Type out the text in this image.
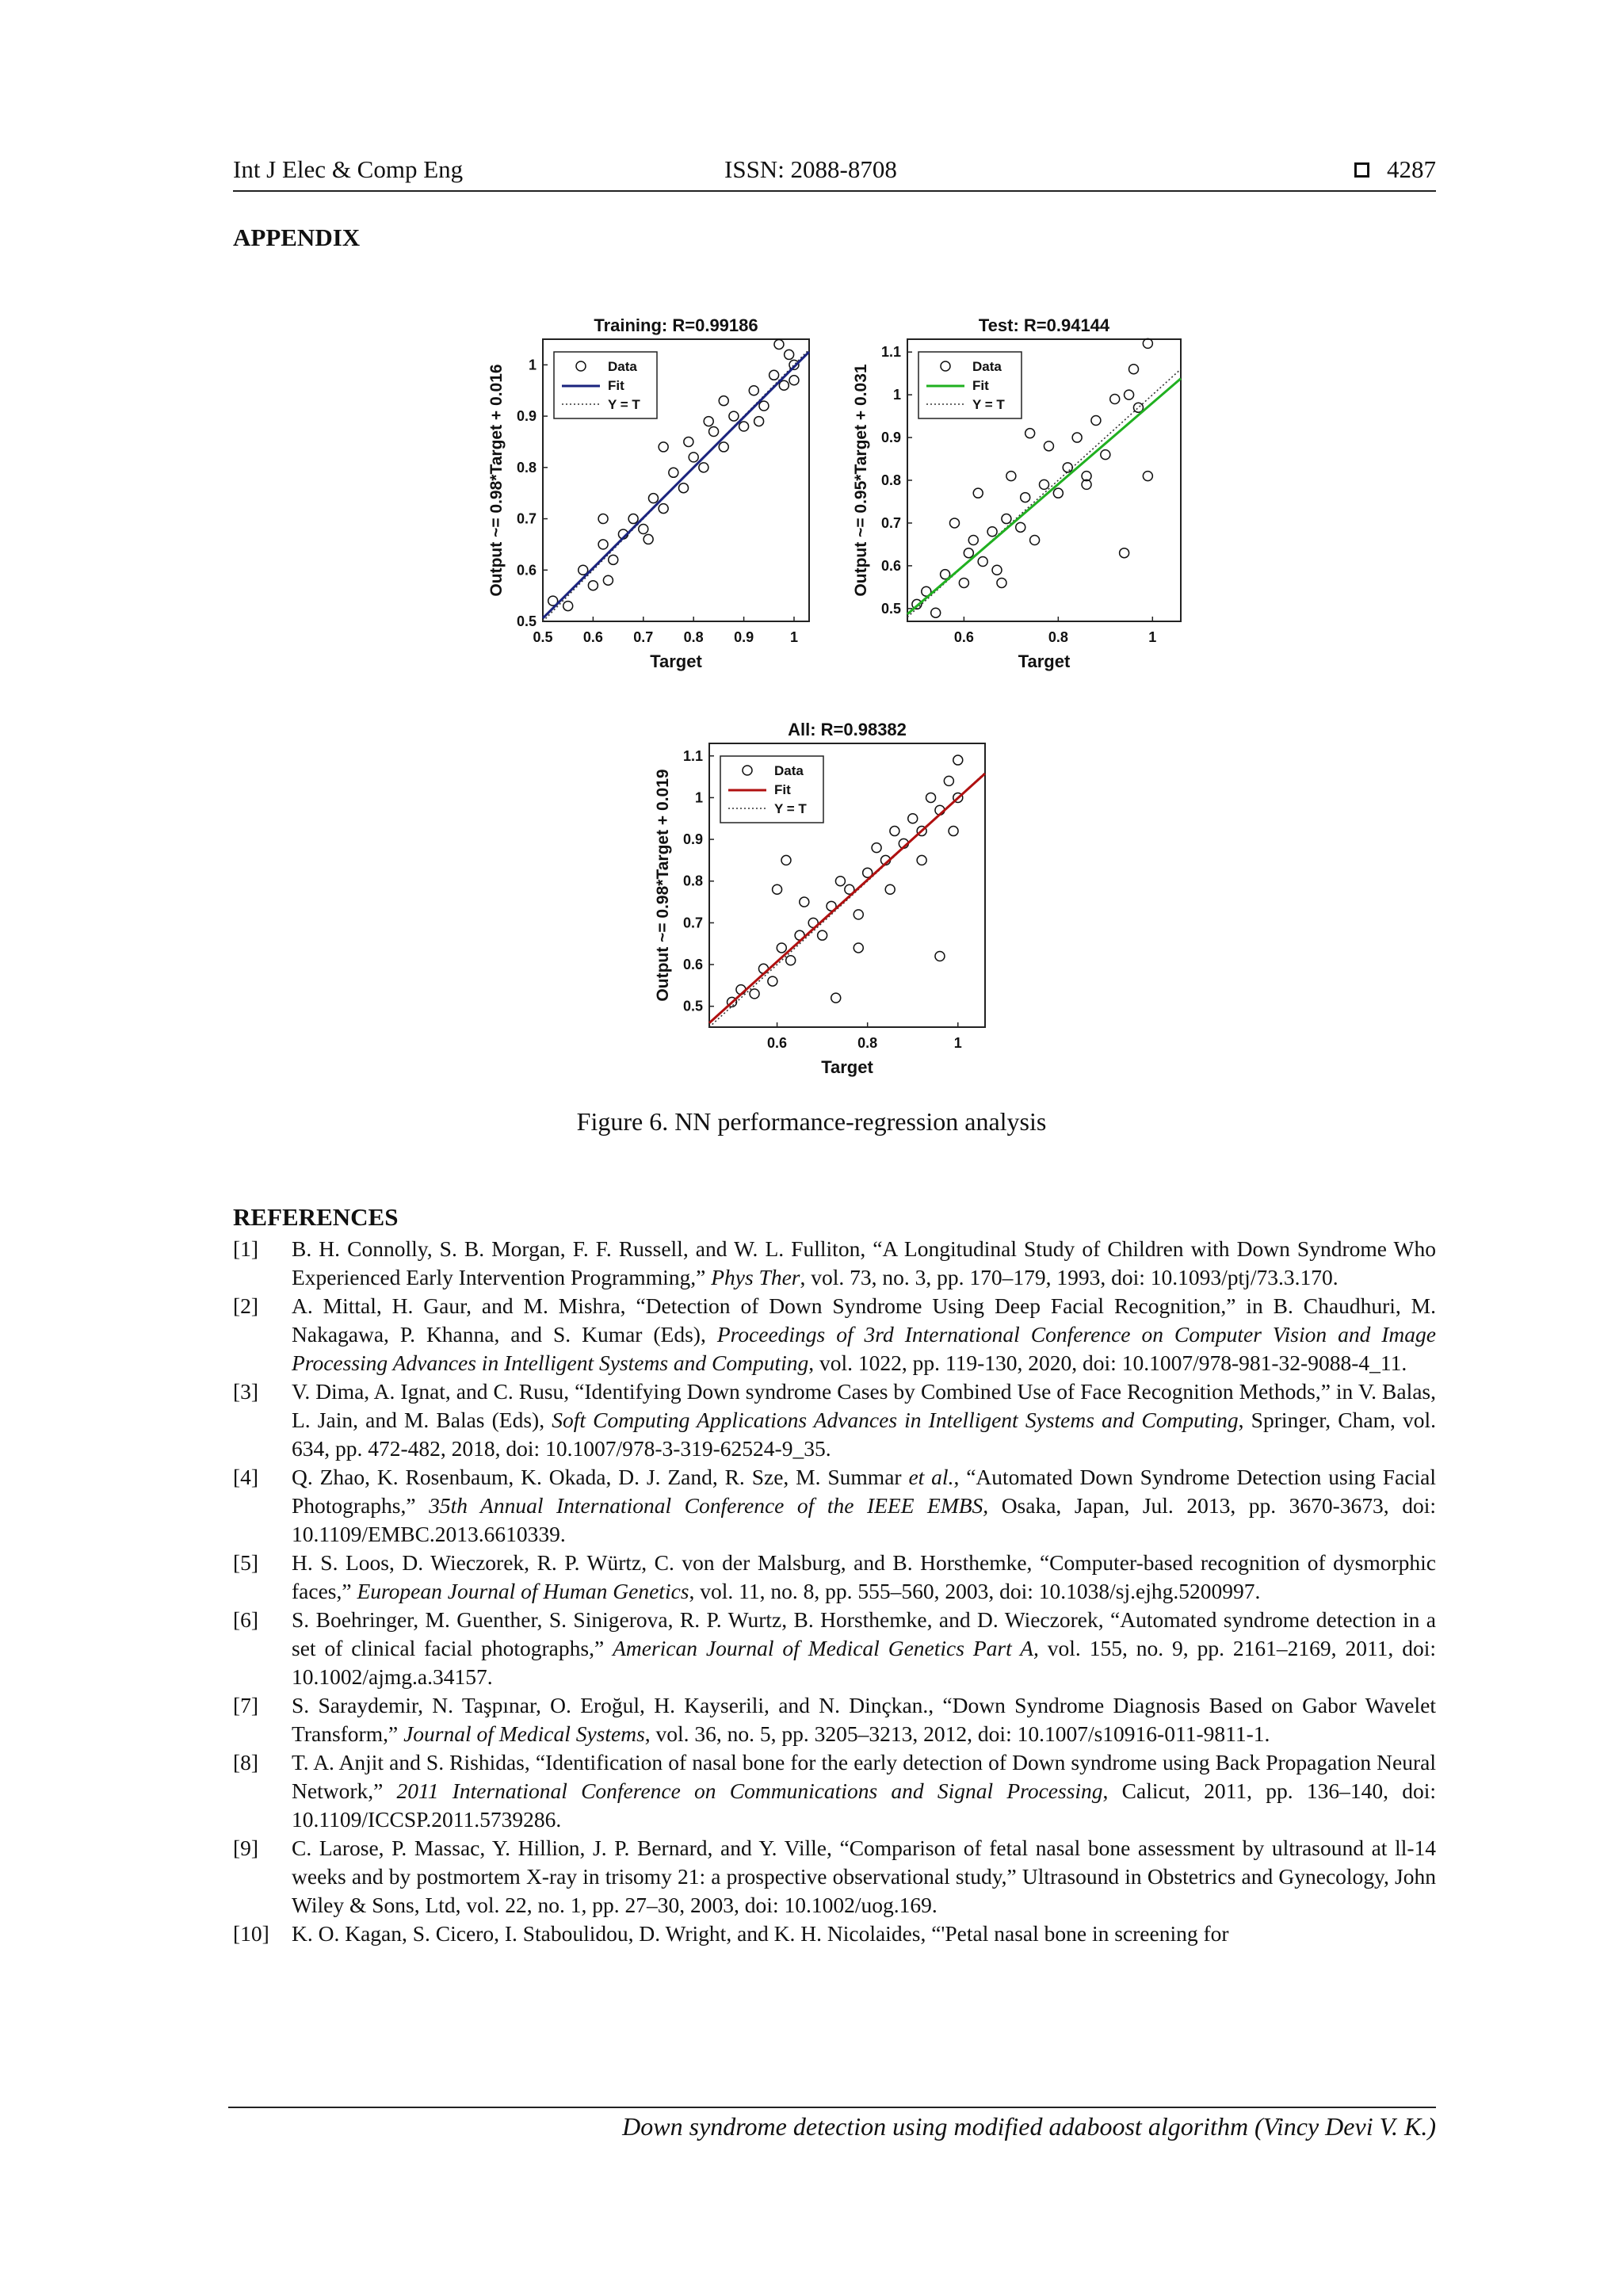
Int J Elec & Comp Eng	ISSN: 2088-8708	4287
APPENDIX
Training: R=0.99186
0.5 0.6 0.7 0.8 0.9	1
0.5
0.6
0.7
0.8
0.9
1
Target
Output ~= 0.98*Target + 0.016	Data
Fit
Y = T
Test: R=0.94144
0.6	0.8	1
0.5
0.6
0.7
0.8
0.9
1
1.1
Target
Output ~= 0.95*Target + 0.031	Data
Fit
Y = T
All: R=0.98382
0.6	0.8	1
0.5
0.6
0.7
0.8
0.9
1
1.1
Target
Output ~= 0.98*Target + 0.019	Data
Fit
Y = T
Figure 6. NN performance-regression analysis
REFERENCES
[1]	B. H. Connolly, S. B. Morgan, F. F. Russell, and W. L. Fulliton, “A Longitudinal Study of Children with Down Syndrome Who Experienced Early Intervention Programming,” Phys Ther, vol. 73, no. 3, pp. 170–179, 1993, doi: 10.1093/ptj/73.3.170.
[2]	A. Mittal, H. Gaur, and M. Mishra, “Detection of Down Syndrome Using Deep Facial Recognition,” in B. Chaudhuri, M. Nakagawa, P. Khanna, and S. Kumar (Eds), Proceedings of 3rd International Conference on Computer Vision and Image Processing Advances in Intelligent Systems and Computing, vol. 1022, pp. 119-130, 2020, doi: 10.1007/978-981-32-9088-4_11.
[3]	V. Dima, A. Ignat, and C. Rusu, “Identifying Down syndrome Cases by Combined Use of Face Recognition Methods,” in V. Balas, L. Jain, and M. Balas (Eds), Soft Computing Applications Advances in Intelligent Systems and Computing, Springer, Cham, vol. 634, pp. 472-482, 2018, doi: 10.1007/978-3-319-62524-9_35.
[4]	Q. Zhao, K. Rosenbaum, K. Okada, D. J. Zand, R. Sze, M. Summar et al., “Automated Down Syndrome Detection using Facial Photographs,” 35th Annual International Conference of the IEEE EMBS, Osaka, Japan, Jul. 2013, pp. 3670-3673, doi: 10.1109/EMBC.2013.6610339.
[5]	H. S. Loos, D. Wieczorek, R. P. Würtz, C. von der Malsburg, and B. Horsthemke, “Computer-based recognition of dysmorphic faces,” European Journal of Human Genetics, vol. 11, no. 8, pp. 555–560, 2003, doi: 10.1038/sj.ejhg.5200997.
[6]	S. Boehringer, M. Guenther, S. Sinigerova, R. P. Wurtz, B. Horsthemke, and D. Wieczorek, “Automated syndrome detection in a set of clinical facial photographs,” American Journal of Medical Genetics Part A, vol. 155, no. 9, pp. 2161–2169, 2011, doi: 10.1002/ajmg.a.34157.
[7]	S. Saraydemir, N. Taşpınar, O. Eroğul, H. Kayserili, and N. Dinçkan., “Down Syndrome Diagnosis Based on Gabor Wavelet Transform,” Journal of Medical Systems, vol. 36, no. 5, pp. 3205–3213, 2012, doi: 10.1007/s10916-011-9811-1.
[8]	T. A. Anjit and S. Rishidas, “Identification of nasal bone for the early detection of Down syndrome using Back Propagation Neural Network,” 2011 International Conference on Communications and Signal Processing, Calicut, 2011, pp. 136–140, doi: 10.1109/ICCSP.2011.5739286.
[9]	C. Larose, P. Massac, Y. Hillion, J. P. Bernard, and Y. Ville, “Comparison of fetal nasal bone assessment by ultrasound at ll-14 weeks and by postmortem X-ray in trisomy 21: a prospective observational study,” Ultrasound in Obstetrics and Gynecology, John Wiley & Sons, Ltd, vol. 22, no. 1, pp. 27–30, 2003, doi: 10.1002/uog.169.
[10]	K. O. Kagan, S. Cicero, I. Staboulidou, D. Wright, and K. H. Nicolaides, “'Petal nasal bone in screening for
Down syndrome detection using modified adaboost algorithm (Vincy Devi V. K.)
